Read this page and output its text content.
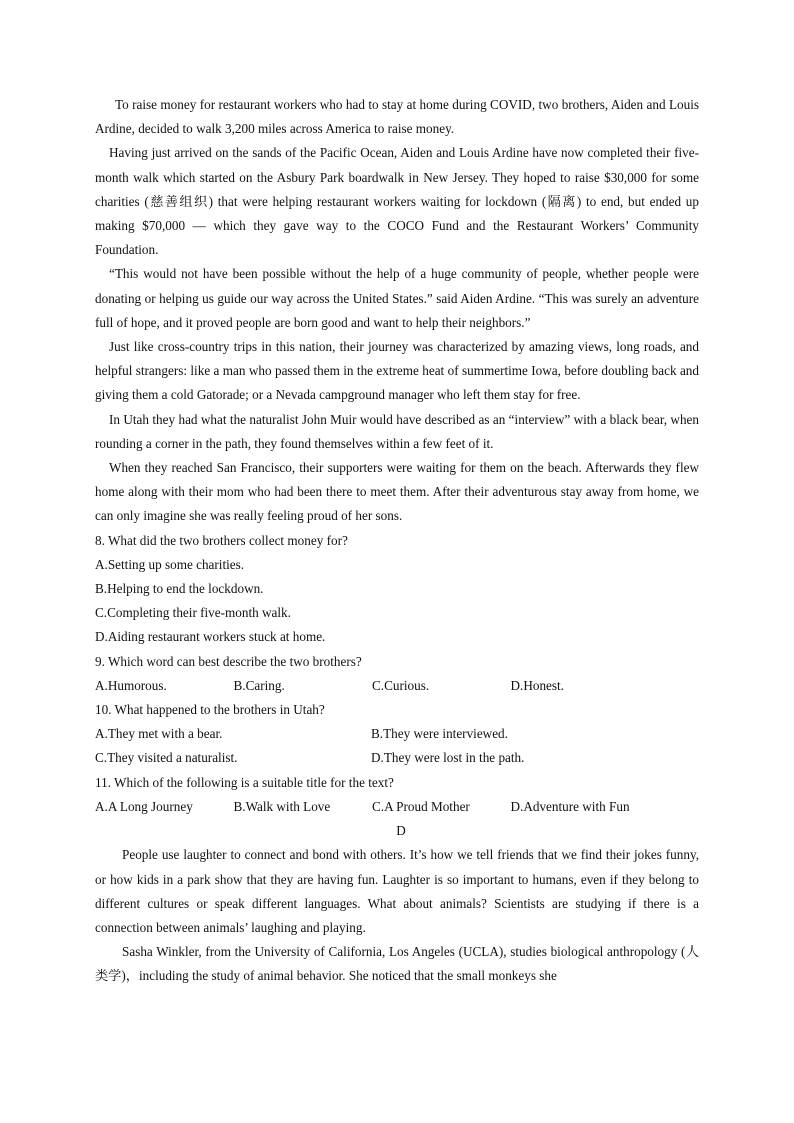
To raise money for restaurant workers who had to stay at home during COVID, two brothers, Aiden and Louis Ardine, decided to walk 3,200 miles across America to raise money.

Having just arrived on the sands of the Pacific Ocean, Aiden and Louis Ardine have now completed their five-month walk which started on the Asbury Park boardwalk in New Jersey. They hoped to raise $30,000 for some charities (慈善组织) that were helping restaurant workers waiting for lockdown (隔离) to end, but ended up making $70,000 — which they gave way to the COCO Fund and the Restaurant Workers’ Community Foundation.

“This would not have been possible without the help of a huge community of people, whether people were donating or helping us guide our way across the United States.” said Aiden Ardine. “This was surely an adventure full of hope, and it proved people are born good and want to help their neighbors.”

Just like cross-country trips in this nation, their journey was characterized by amazing views, long roads, and helpful strangers: like a man who passed them in the extreme heat of summertime Iowa, before doubling back and giving them a cold Gatorade; or a Nevada campground manager who left them stay for free.

In Utah they had what the naturalist John Muir would have described as an “interview” with a black bear, when rounding a corner in the path, they found themselves within a few feet of it.

When they reached San Francisco, their supporters were waiting for them on the beach. Afterwards they flew home along with their mom who had been there to meet them. After their adventurous stay away from home, we can only imagine she was really feeling proud of her sons.

8. What did the two brothers collect money for?

A.Setting up some charities.

B.Helping to end the lockdown.

C.Completing their five-month walk.

D.Aiding restaurant workers stuck at home.

9. Which word can best describe the two brothers?

A.Humorous.	B.Caring.	C.Curious.	D.Honest.

10. What happened to the brothers in Utah?

A.They met with a bear.	B.They were interviewed.
C.They visited a naturalist.	D.They were lost in the path.

11. Which of the following is a suitable title for the text?

A.A Long Journey	B.Walk with Love	C.A Proud Mother	D.Adventure with Fun

D

People use laughter to connect and bond with others. It’s how we tell friends that we find their jokes funny, or how kids in a park show that they are having fun. Laughter is so important to humans, even if they belong to different cultures or speak different languages. What about animals? Scientists are studying if there is a connection between animals’ laughing and playing.

Sasha Winkler, from the University of California, Los Angeles (UCLA), studies biological anthropology (人类学)，including the study of animal behavior. She noticed that the small monkeys she
